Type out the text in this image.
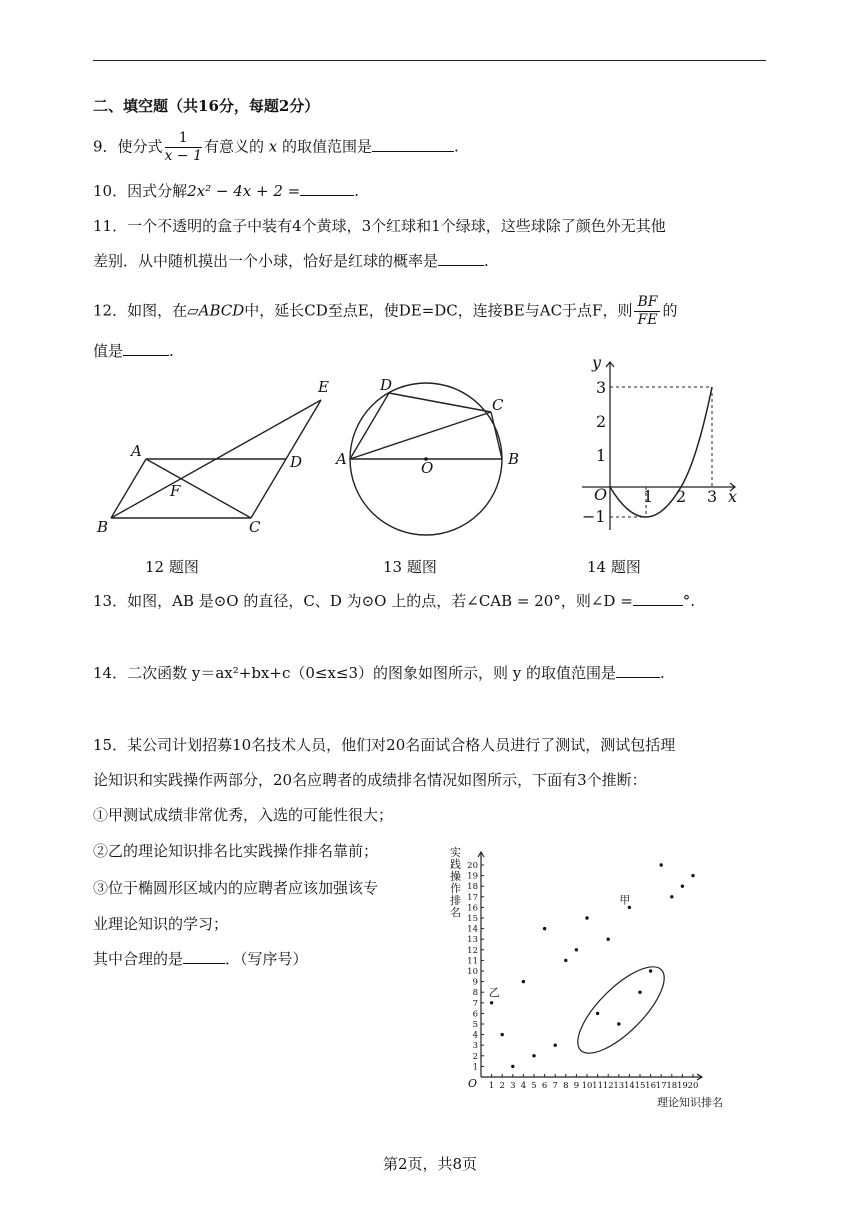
二、填空题（共16分，每题2分）
9．使分式 $\frac{1}{x - 1}$ 有意义的 x 的取值范围是	.
10．因式分解2x² − 4x + 2 =	.
11．一个不透明的盒子中装有4个黄球，3个红球和1个绿球，这些球除了颜色外无其他
差别．从中随机摸出一个小球，恰好是红球的概率是	.
12．如图，在▱ABCD中，延长CD至点E，使DE=DC，连接BE与AC于点F，则 $\frac{BF}{FE}$ 的
值是	.
A
B	C
D
E
F
A	B
C
D
O
y
x
O
3
2
1
−1
1 2 3
12 题图	13 题图	14 题图
13．如图，AB 是⊙O 的直径，C、D 为⊙O 上的点，若∠CAB = 20°，则∠D =	°.
14．二次函数 y＝ax²+bx+c（0≤x≤3）的图象如图所示，则 y 的取值范围是	.
15．某公司计划招募10名技术人员，他们对20名面试合格人员进行了测试，测试包括理
论知识和实践操作两部分，20名应聘者的成绩排名情况如图所示，下面有3个推断：
①甲测试成绩非常优秀，入选的可能性很大；
②乙的理论知识排名比实践操作排名靠前；
③位于椭圆形区域内的应聘者应该加强该专
业理论知识的学习；
其中合理的是	．（写序号）
实
践
操
作
排
名
1 2 3 4 5 6 7 8 9 10 11 12 13 14 15 16 17 18 19 20
1
2
3
4
5
6
7
8
9
10
11
12
13
14
15
16
17
18
19
20
O
理论知识排名
甲
乙
第2页，共8页
